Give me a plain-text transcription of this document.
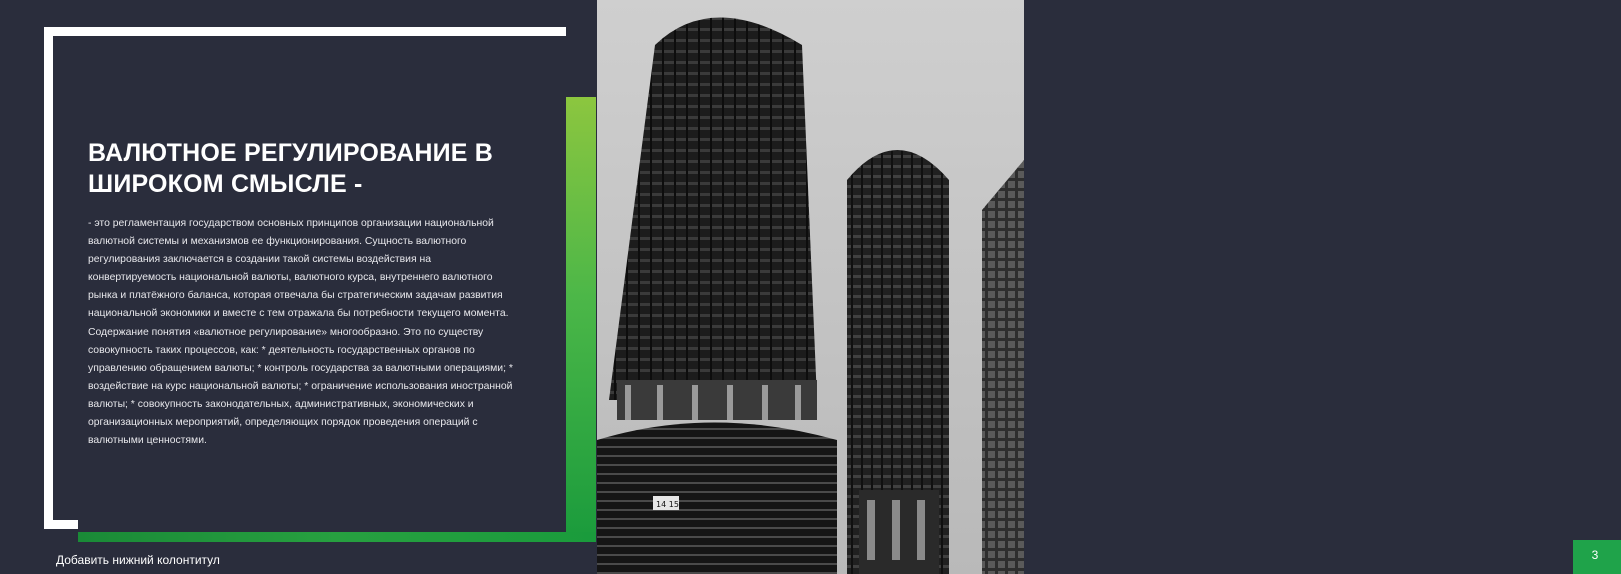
ВАЛЮТНОЕ РЕГУЛИРОВАНИЕ В ШИРОКОМ СМЫСЛЕ -

- это регламентация государством основных принципов организации национальной валютной системы и механизмов ее функционирования. Сущность валютного регулирования заключается в создании такой системы воздействия на конвертируемость национальной валюты, валютного курса, внутреннего валютного рынка и платёжного баланса, которая отвечала бы стратегическим задачам развития национальной экономики и вместе с тем отражала бы потребности текущего момента. Содержание понятия «валютное регулирование» многообразно. Это по существу совокупность таких процессов, как: * деятельность государственных органов по управлению обращением валюты; * контроль государства за валютными операциями; * воздействие на курс национальной валюты; * ограничение использования иностранной валюты; * совокупность законодательных, административных, экономических и организационных мероприятий, определяющих порядок проведения операций с валютными ценностями.

Добавить нижний колонтитул
14 15
3
